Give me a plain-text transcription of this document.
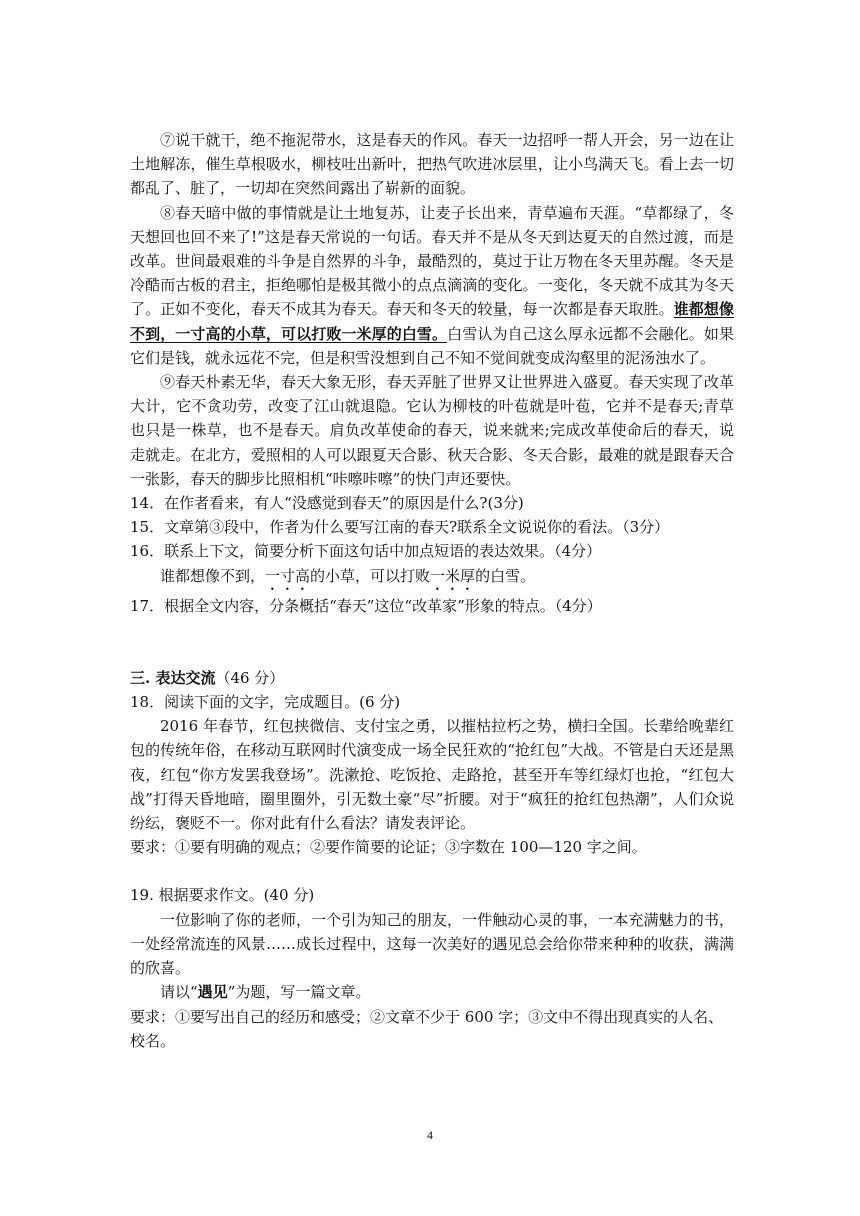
⑦说干就干，绝不拖泥带水，这是春天的作风。春天一边招呼一帮人开会，另一边在让土地解冻，催生草根吸水，柳枝吐出新叶，把热气吹进冰层里，让小鸟满天飞。看上去一切都乱了、脏了，一切却在突然间露出了崭新的面貌。

⑧春天暗中做的事情就是让土地复苏，让麦子长出来，青草遍布天涯。“草都绿了，冬天想回也回不来了!”这是春天常说的一句话。春天并不是从冬天到达夏天的自然过渡，而是改革。世间最艰难的斗争是自然界的斗争，最酷烈的，莫过于让万物在冬天里苏醒。冬天是冷酷而古板的君主，拒绝哪怕是极其微小的点点滴滴的变化。一变化，冬天就不成其为冬天了。正如不变化，春天不成其为春天。春天和冬天的较量，每一次都是春天取胜。谁都想像不到，一寸高的小草，可以打败一米厚的白雪。白雪认为自己这么厚永远都不会融化。如果它们是钱，就永远花不完，但是积雪没想到自己不知不觉间就变成沟壑里的泥汤浊水了。

⑨春天朴素无华，春天大象无形，春天弄脏了世界又让世界进入盛夏。春天实现了改革大计，它不贪功劳，改变了江山就退隐。它认为柳枝的叶苞就是叶苞，它并不是春天;青草也只是一株草，也不是春天。肩负改革使命的春天，说来就来;完成改革使命后的春天，说走就走。在北方，爱照相的人可以跟夏天合影、秋天合影、冬天合影，最难的就是跟春天合一张影，春天的脚步比照相机“咔嚓咔嚓”的快门声还要快。

14．在作者看来，有人“没感觉到春天”的原因是什么?(3分)

15．文章第③段中，作者为什么要写江南的春天?联系全文说说你的看法。（3分）

16．联系上下文，简要分析下面这句话中加点短语的表达效果。（4分）

谁都想像不到，一寸高的小草，可以打败一米厚的白雪。

17．根据全文内容，分条概括“春天”这位“改革家”形象的特点。（4分）

三. 表达交流（46 分）

18．阅读下面的文字，完成题目。(6 分)

2016 年春节，红包挟微信、支付宝之勇，以摧枯拉朽之势，横扫全国。长辈给晚辈红包的传统年俗，在移动互联网时代演变成一场全民狂欢的“抢红包”大战。不管是白天还是黑夜，红包“你方发罢我登场”。洗漱抢、吃饭抢、走路抢，甚至开车等红绿灯也抢，“红包大战”打得天昏地暗，圈里圈外，引无数土豪“尽”折腰。对于“疯狂的抢红包热潮”，人们众说纷纭，褒贬不一。你对此有什么看法？请发表评论。

要求：①要有明确的观点；②要作简要的论证；③字数在 100—120 字之间。

19. 根据要求作文。(40 分)

一位影响了你的老师，一个引为知己的朋友，一件触动心灵的事，一本充满魅力的书，一处经常流连的风景……成长过程中，这每一次美好的遇见总会给你带来种种的收获，满满的欣喜。

请以“遇见”为题，写一篇文章。

要求：①要写出自己的经历和感受；②文章不少于 600 字；③文中不得出现真实的人名、校名。

4
